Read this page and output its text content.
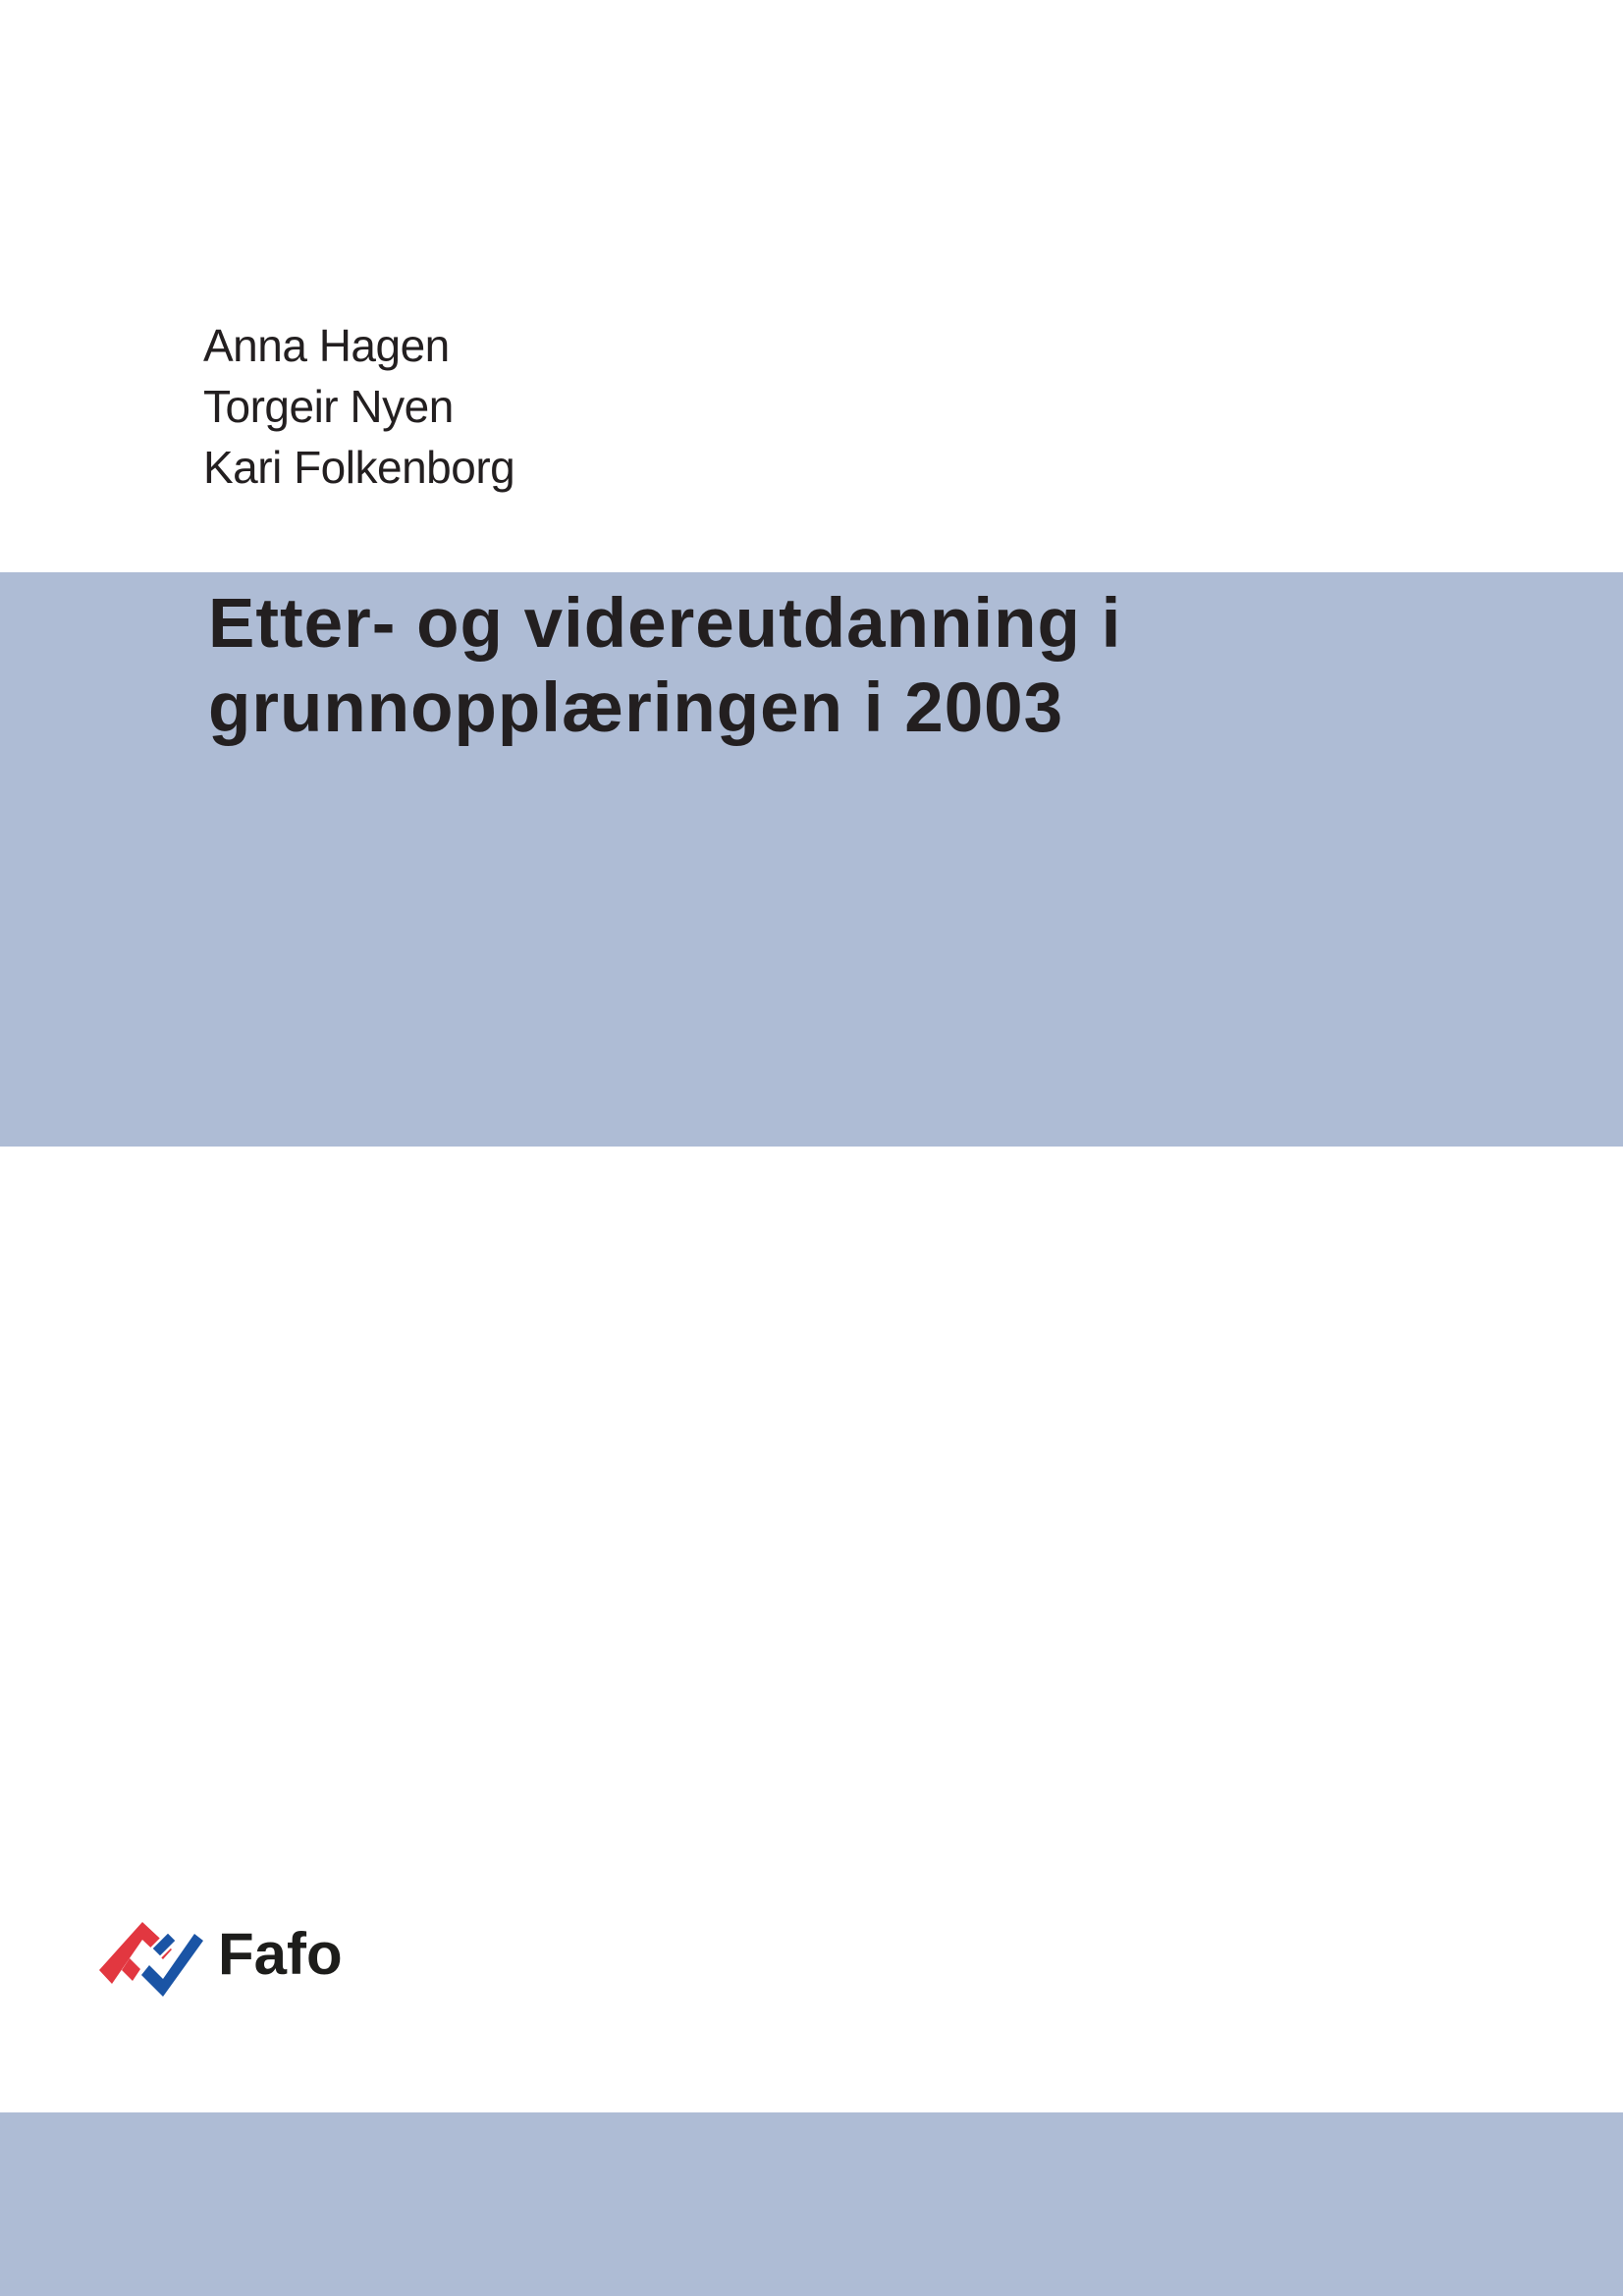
Anna Hagen
Torgeir Nyen
Kari Folkenborg
Etter- og videreutdanning i
grunnopplæringen i 2003
Fafo
